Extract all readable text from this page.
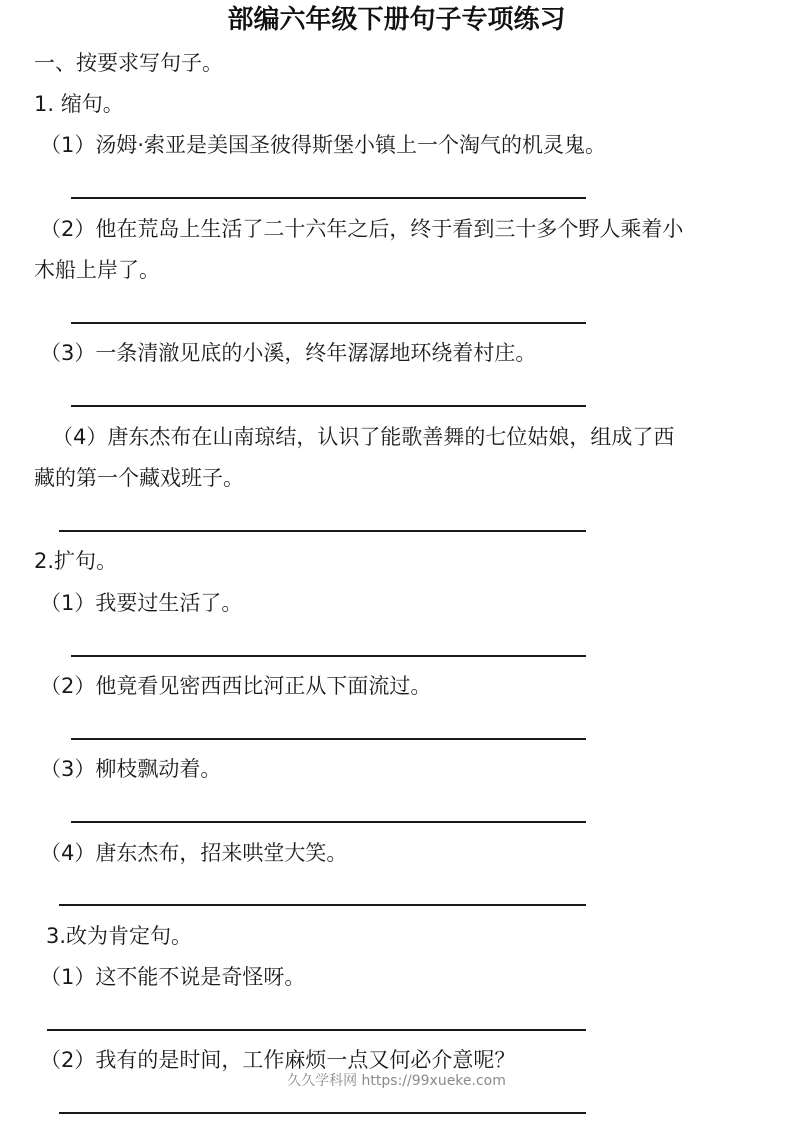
部编六年级下册句子专项练习
一、按要求写句子。
1. 缩句。
（1）汤姆·索亚是美国圣彼得斯堡小镇上一个淘气的机灵鬼。
（2）他在荒岛上生活了二十六年之后，终于看到三十多个野人乘着小
木船上岸了。
（3）一条清澈见底的小溪，终年潺潺地环绕着村庄。
（4）唐东杰布在山南琼结，认识了能歌善舞的七位姑娘，组成了西
藏的第一个藏戏班子。
2.扩句。
（1）我要过生活了。
（2）他竟看见密西西比河正从下面流过。
（3）柳枝飘动着。
（4）唐东杰布，招来哄堂大笑。
3.改为肯定句。
（1）这不能不说是奇怪呀。
（2）我有的是时间，工作麻烦一点又何必介意呢？
久久学科网 https://99xueke.com
